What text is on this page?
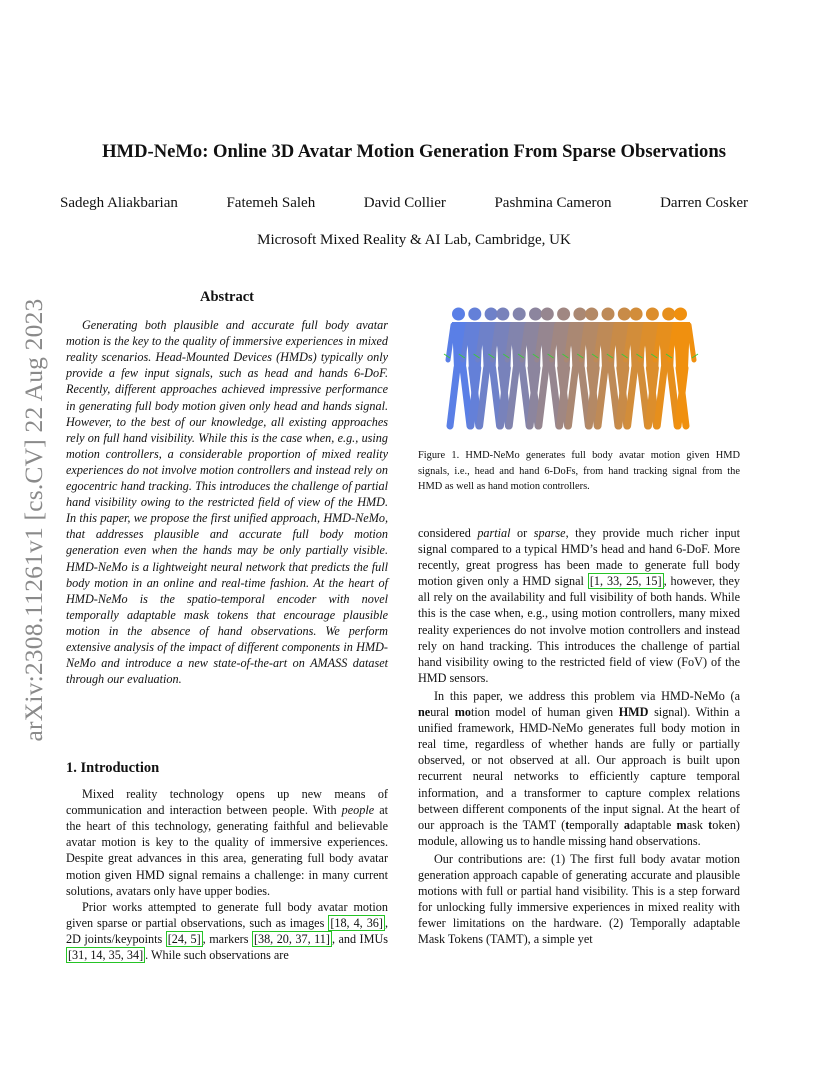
HMD-NeMo: Online 3D Avatar Motion Generation From Sparse Observations
Sadegh Aliakbarian	Fatemeh Saleh	David Collier	Pashmina Cameron	Darren Cosker
Microsoft Mixed Reality & AI Lab, Cambridge, UK
arXiv:2308.11261v1 [cs.CV] 22 Aug 2023
Abstract

Generating both plausible and accurate full body avatar motion is the key to the quality of immersive experiences in mixed reality scenarios. Head-Mounted Devices (HMDs) typically only provide a few input signals, such as head and hands 6-DoF. Recently, different approaches achieved impressive performance in generating full body motion given only head and hands signal. However, to the best of our knowledge, all existing approaches rely on full hand visibility. While this is the case when, e.g., using motion controllers, a considerable proportion of mixed reality experiences do not involve motion controllers and instead rely on egocentric hand tracking. This introduces the challenge of partial hand visibility owing to the restricted field of view of the HMD. In this paper, we propose the first unified approach, HMD-NeMo, that addresses plausible and accurate full body motion generation even when the hands may be only partially visible. HMD-NeMo is a lightweight neural network that predicts the full body motion in an online and real-time fashion. At the heart of HMD-NeMo is the spatio-temporal encoder with novel temporally adaptable mask tokens that encourage plausible motion in the absence of hand observations. We perform extensive analysis of the impact of different components in HMD-NeMo and introduce a new state-of-the-art on AMASS dataset through our evaluation.

1. Introduction

Mixed reality technology opens up new means of communication and interaction between people. With people at the heart of this technology, generating faithful and believable avatar motion is key to the quality of immersive experiences. Despite great advances in this area, generating full body avatar motion given HMD signal remains a challenge: in many current solutions, avatars only have upper bodies.

Prior works attempted to generate full body avatar motion given sparse or partial observations, such as images [18, 4, 36] , 2D joints/keypoints [24, 5] , markers [38, 20, 37, 11] , and IMUs [31, 14, 35, 34] . While such observations are

Figure 1. HMD-NeMo generates full body avatar motion given HMD signals, i.e., head and hand 6-DoFs, from hand tracking signal from the HMD as well as hand motion controllers.

considered partial or sparse, they provide much richer input signal compared to a typical HMD’s head and hand 6-DoF. More recently, great progress has been made to generate full body motion given only a HMD signal [1, 33, 25, 15] , however, they all rely on the availability and full visibility of both hands. While this is the case when, e.g., using motion controllers, many mixed reality experiences do not involve motion controllers and instead rely on hand tracking. This introduces the challenge of partial hand visibility owing to the restricted field of view (FoV) of the HMD sensors.

In this paper, we address this problem via HMD-NeMo (a neural motion model of human given HMD signal). Within a unified framework, HMD-NeMo generates full body motion in real time, regardless of whether hands are fully or partially observed, or not observed at all. Our approach is built upon recurrent neural networks to efficiently capture temporal information, and a transformer to capture complex relations between different components of the input signal. At the heart of our approach is the TAMT (temporally adaptable mask token) module, allowing us to handle missing hand observations.

Our contributions are: (1) The first full body avatar motion generation approach capable of generating accurate and plausible motions with full or partial hand visibility. This is a step forward for unlocking fully immersive experiences in mixed reality with fewer limitations on the hardware. (2) Temporally adaptable Mask Tokens (TAMT), a simple yet
